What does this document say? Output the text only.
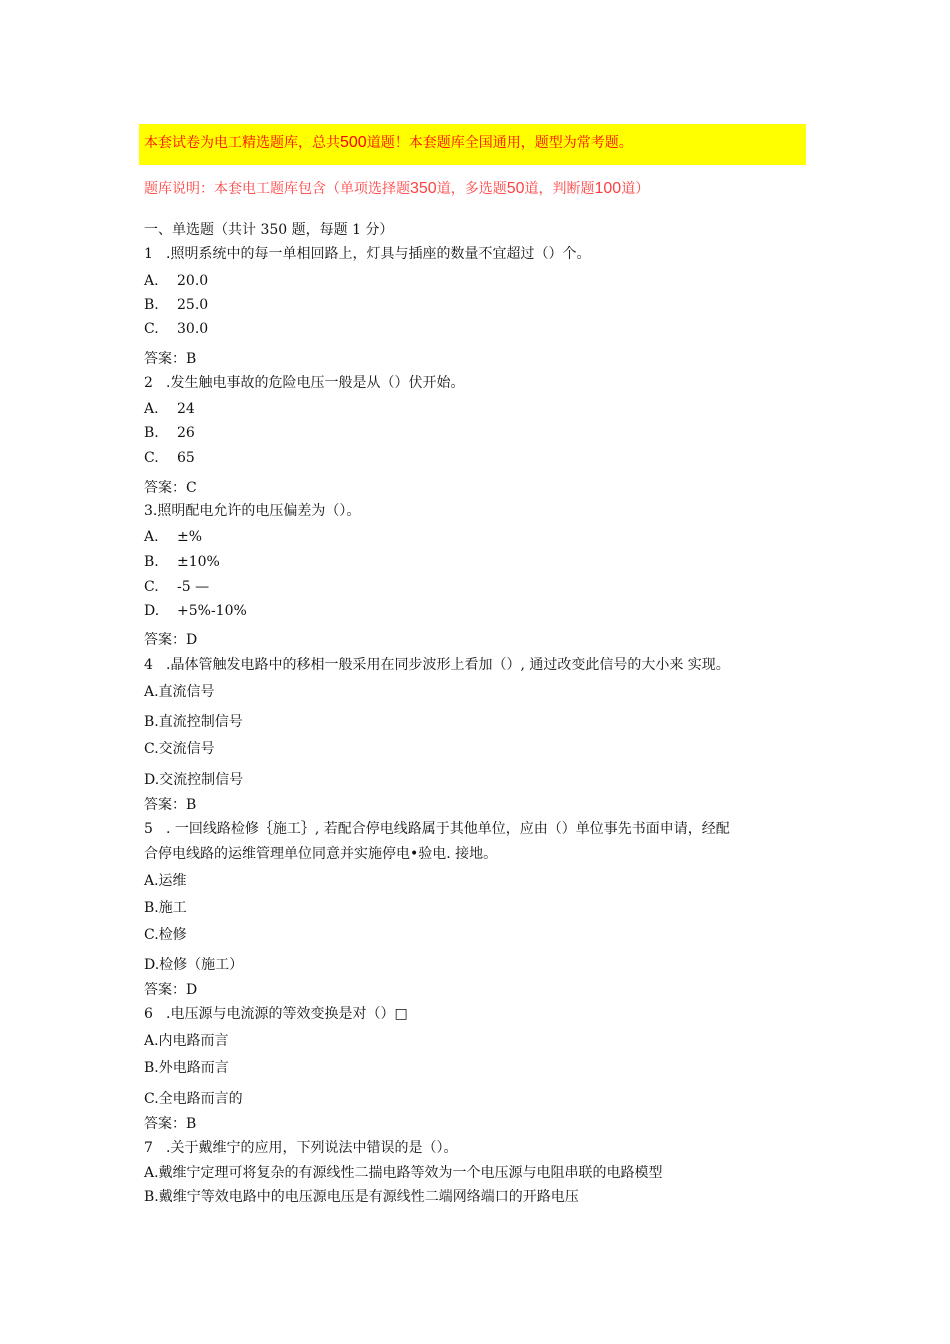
本套试卷为电工精选题库，总共500道题！本套题库全国通用，题型为常考题。
题库说明：本套电工题库包含（单项选择题350道，多选题50道，判断题100道）
一、单选题（共计 350 题，每题 1 分）
1 .照明系统中的每一单相回路上，灯具与插座的数量不宜超过（）个。
A. 20.0
B. 25.0
C. 30.0
答案：B
2 .发生触电事故的危险电压一般是从（）伏开始。
A. 24
B. 26
C. 65
答案：C
3.照明配电允许的电压偏差为（）。
A. ±%
B. ±10%
C. -5 —
D. +5%-10%
答案：D
4 .晶体管触发电路中的移相一般采用在同步波形上看加（）, 通过改变此信号的大小来 实现。
A.直流信号
B.直流控制信号
C.交流信号
D.交流控制信号
答案：B
5 . 一回线路检修｛施工｝, 若配合停电线路属于其他单位，应由（）单位事先书面申请，经配
合停电线路的运维管理单位同意并实施停电•验电. 接地。
A.运维
B.施工
C.检修
D.检修（施工）
答案：D
6 .电压源与电流源的等效变换是对（）□
A.内电路而言
B.外电路而言
C.全电路而言的
答案：B
7 .关于戴维宁的应用，下列说法中错误的是（）。
A.戴维宁定理可将复杂的有源线性二揣电路等效为一个电压源与电阻串联的电路模型
B.戴维宁等效电路中的电压源电压是有源线性二端网络端口的开路电压
